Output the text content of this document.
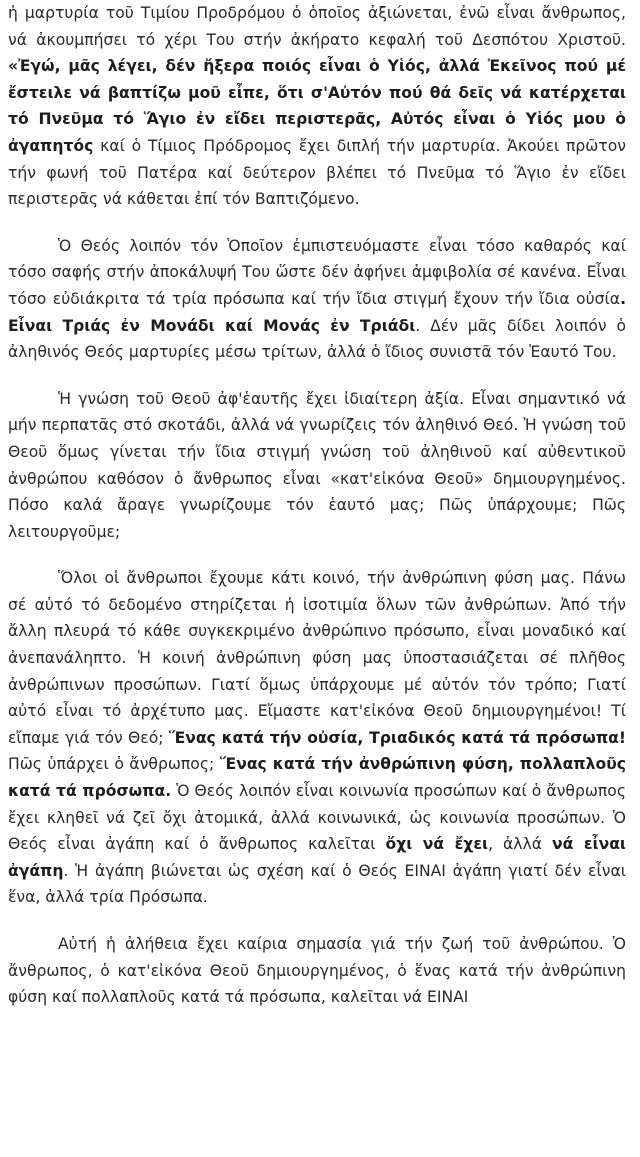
ἡ μαρτυρία τοῦ Τιμίου Προδρόμου ὁ ὁποῖος ἀξιώνεται, ἐνῶ εἶναι ἄνθρωπος, νά ἀκουμπήσει τό χέρι Του στήν ἀκήρατο κεφαλή τοῦ Δεσπότου Χριστοῦ. «Ἐγώ, μᾶς λέγει, δέν ἤξερα ποιός εἶναι ὁ Υἱός, ἀλλά Ἐκεῖνος πού μέ ἔστειλε νά βαπτίζω μοῦ εἶπε, ὅτι σ'Αὐτόν πού θά δεῖς νά κατέρχεται τό Πνεῦμα τό Ἅγιο ἐν εἴδει περιστερᾶς, Αὐτός εἶναι ὁ Υἱός μου ὁ ἀγαπητός καί ὁ Τίμιος Πρόδρομος ἔχει διπλή τήν μαρτυρία. Ἀκούει πρῶτον τήν φωνή τοῦ Πατέρα καί δεύτερον βλέπει τό Πνεῦμα τό Ἅγιο ἐν εἴδει περιστερᾶς νά κάθεται ἐπί τόν Βαπτιζόμενο.

Ὁ Θεός λοιπόν τόν Ὁποῖον ἐμπιστευόμαστε εἶναι τόσο καθαρός καί τόσο σαφής στήν ἀποκάλυψή Του ὥστε δέν ἀφήνει ἀμφιβολία σέ κανένα. Εἶναι τόσο εὐδιάκριτα τά τρία πρόσωπα καί τήν ἴδια στιγμή ἔχουν τήν ἴδια οὐσία. Εἶναι Τριάς ἐν Μονάδι καί Μονάς ἐν Τριάδι. Δέν μᾶς δίδει λοιπόν ὁ ἀληθινός Θεός μαρτυρίες μέσω τρίτων, ἀλλά ὁ ἴδιος συνιστᾶ τόν Ἑαυτό Του.

Ἡ γνώση τοῦ Θεοῦ ἀφ'ἑαυτῆς ἔχει ἰδιαίτερη ἀξία. Εἶναι σημαντικό νά μήν περπατᾶς στό σκοτάδι, ἀλλά νά γνωρίζεις τόν ἀληθινό Θεό. Ἡ γνώση τοῦ Θεοῦ ὅμως γίνεται τήν ἴδια στιγμή γνώση τοῦ ἀληθινοῦ καί αὐθεντικοῦ ἀνθρώπου καθόσον ὁ ἄνθρωπος εἶναι «κατ'εἰκόνα Θεοῦ» δημιουργημένος. Πόσο καλά ἄραγε γνωρίζουμε τόν ἑαυτό μας; Πῶς ὑπάρχουμε; Πῶς λειτουργοῦμε;

Ὅλοι οἱ ἄνθρωποι ἔχουμε κάτι κοινό, τήν ἀνθρώπινη φύση μας. Πάνω σέ αὐτό τό δεδομένο στηρίζεται ἡ ἰσοτιμία ὅλων τῶν ἀνθρώπων. Ἀπό τήν ἄλλη πλευρά τό κάθε συγκεκριμένο ἀνθρώπινο πρόσωπο, εἶναι μοναδικό καί ἀνεπανάληπτο. Ἡ κοινή ἀνθρώπινη φύση μας ὑποστασιάζεται σέ πλῆθος ἀνθρώπινων προσώπων. Γιατί ὅμως ὑπάρχουμε μέ αὐτόν τόν τρόπο; Γιατί αὐτό εἶναι τό ἀρχέτυπο μας. Εἴμαστε κατ'εἰκόνα Θεοῦ δημιουργημένοι! Τί εἴπαμε γιά τόν Θεό; Ἕνας κατά τήν οὐσία, Τριαδικός κατά τά πρόσωπα! Πῶς ὑπάρχει ὁ ἄνθρωπος; Ἕνας κατά τήν ἀνθρώπινη φύση, πολλαπλοῦς κατά τά πρόσωπα. Ὁ Θεός λοιπόν εἶναι κοινωνία προσώπων καί ὁ ἄνθρωπος ἔχει κληθεῖ νά ζεῖ ὄχι ἀτομικά, ἀλλά κοινωνικά, ὡς κοινωνία προσώπων. Ὁ Θεός εἶναι ἀγάπη καί ὁ ἄνθρωπος καλεῖται ὄχι νά ἔχει, ἀλλά νά εἶναι ἀγάπη. Ἡ ἀγάπη βιώνεται ὡς σχέση καί ὁ Θεός ΕΙΝΑΙ ἀγάπη γιατί δέν εἶναι ἕνα, ἀλλά τρία Πρόσωπα.

Αὐτή ἡ ἀλήθεια ἔχει καίρια σημασία γιά τήν ζωή τοῦ ἀνθρώπου. Ὁ ἄνθρωπος, ὁ κατ'εἰκόνα Θεοῦ δημιουργημένος, ὁ ἕνας κατά τήν ἀνθρώπινη φύση καί πολλαπλοῦς κατά τά πρόσωπα, καλεῖται νά ΕΙΝΑΙ
